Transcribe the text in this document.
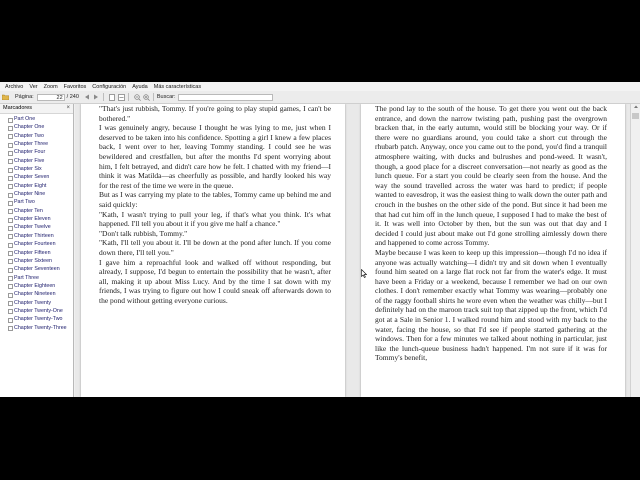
Archivo Ver Zoom Favoritos Configuración Ayuda Más características
Página:	22 / 240	Buscar:
Marcadores	×
Part One
Chapter One
Chapter Two
Chapter Three
Chapter Four
Chapter Five
Chapter Six
Chapter Seven
Chapter Eight
Chapter Nine
Part Two
Chapter Ten
Chapter Eleven
Chapter Twelve
Chapter Thirteen
Chapter Fourteen
Chapter Fifteen
Chapter Sixteen
Chapter Seventeen
Part Three
Chapter Eighteen
Chapter Nineteen
Chapter Twenty
Chapter Twenty-One
Chapter Twenty-Two
Chapter Twenty-Three

"That's just rubbish, Tommy. If you're going to play stupid games, I can't be bothered."

I was genuinely angry, because I thought he was lying to me, just when I deserved to be taken into his confidence. Spotting a girl I knew a few places back, I went over to her, leaving Tommy standing. I could see he was bewildered and crestfallen, but after the months I'd spent worrying about him, I felt betrayed, and didn't care how he felt. I chatted with my friend—I think it was Matilda—as cheerfully as possible, and hardly looked his way for the rest of the time we were in the queue.

But as I was carrying my plate to the tables, Tommy came up behind me and said quickly:

"Kath, I wasn't trying to pull your leg, if that's what you think. It's what happened. I'll tell you about it if you give me half a chance."

"Don't talk rubbish, Tommy."

"Kath, I'll tell you about it. I'll be down at the pond after lunch. If you come down there, I'll tell you."

I gave him a reproachful look and walked off without responding, but already, I suppose, I'd begun to entertain the possibility that he wasn't, after all, making it up about Miss Lucy. And by the time I sat down with my friends, I was trying to figure out how I could sneak off afterwards down to the pond without getting everyone curious.

The pond lay to the south of the house. To get there you went out the back entrance, and down the narrow twisting path, pushing past the overgrown bracken that, in the early autumn, would still be blocking your way. Or if there were no guardians around, you could take a short cut through the rhubarb patch. Anyway, once you came out to the pond, you'd find a tranquil atmosphere waiting, with ducks and bulrushes and pond-weed. It wasn't, though, a good place for a discreet conversation—not nearly as good as the lunch queue. For a start you could be clearly seen from the house. And the way the sound travelled across the water was hard to predict; if people wanted to eavesdrop, it was the easiest thing to walk down the outer path and crouch in the bushes on the other side of the pond. But since it had been me that had cut him off in the lunch queue, I supposed I had to make the best of it. It was well into October by then, but the sun was out that day and I decided I could just about make out I'd gone strolling aimlessly down there and happened to come across Tommy.

Maybe because I was keen to keep up this impression—though I'd no idea if anyone was actually watching—I didn't try and sit down when I eventually found him seated on a large flat rock not far from the water's edge. It must have been a Friday or a weekend, because I remember we had on our own clothes. I don't remember exactly what Tommy was wearing—probably one of the raggy football shirts he wore even when the weather was chilly—but I definitely had on the maroon track suit top that zipped up the front, which I'd got at a Sale in Senior 1. I walked round him and stood with my back to the water, facing the house, so that I'd see if people started gathering at the windows. Then for a few minutes we talked about nothing in particular, just like the lunch-queue business hadn't happened. I'm not sure if it was for Tommy's benefit,
